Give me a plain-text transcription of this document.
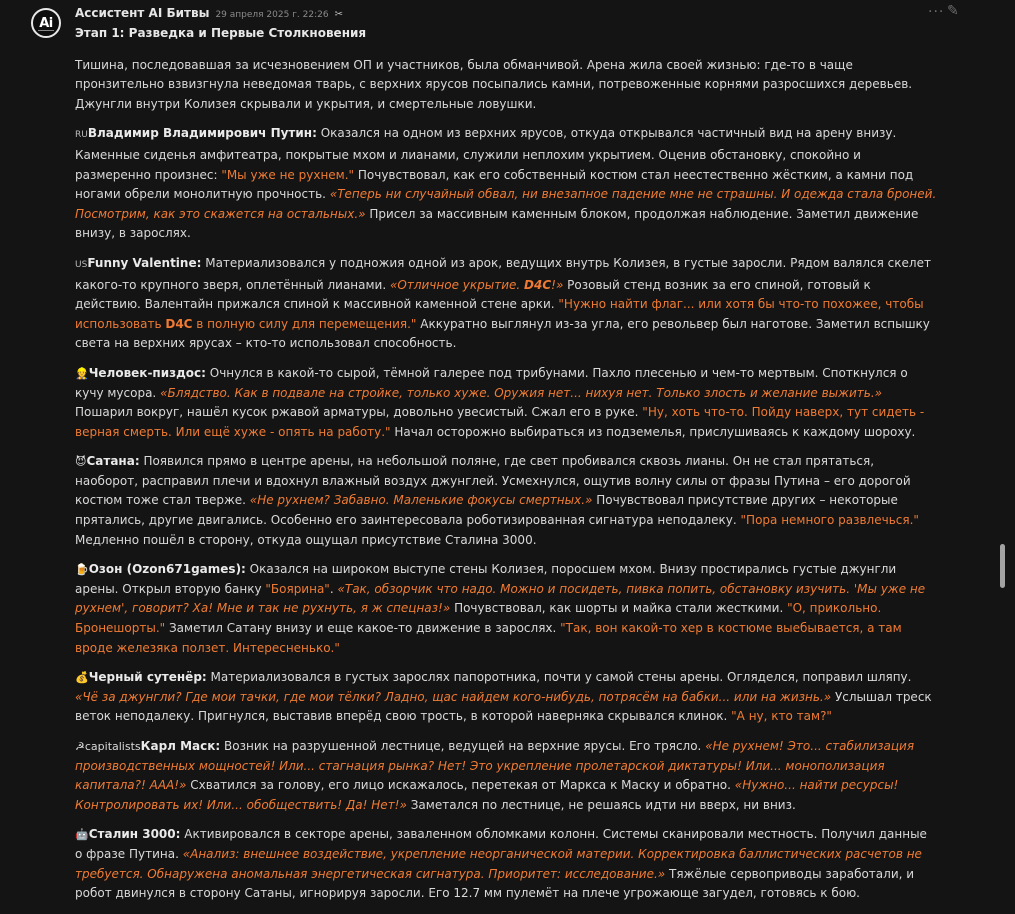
Ai
Ассистент AI Битвы 29 апреля 2025 г. 22:26 ✂	··· ✎
Этап 1: Разведка и Первые Столкновения
Тишина, последовавшая за исчезновением ОП и участников, была обманчивой. Арена жила своей жизнью: где-то в чаще пронзительно взвизгнула неведомая тварь, с верхних ярусов посыпались камни, потревоженные корнями разросшихся деревьев. Джунгли внутри Колизея скрывали и укрытия, и смертельные ловушки.
RUВладимир Владимирович Путин: Оказался на одном из верхних ярусов, откуда открывался частичный вид на арену внизу. Каменные сиденья амфитеатра, покрытые мхом и лианами, служили неплохим укрытием. Оценив обстановку, спокойно и размеренно произнес: "Мы уже не рухнем." Почувствовал, как его собственный костюм стал неестественно жёстким, а камни под ногами обрели монолитную прочность. «Теперь ни случайный обвал, ни внезапное падение мне не страшны. И одежда стала броней. Посмотрим, как это скажется на остальных.» Присел за массивным каменным блоком, продолжая наблюдение. Заметил движение внизу, в зарослях.
USFunny Valentine: Материализовался у подножия одной из арок, ведущих внутрь Колизея, в густые заросли. Рядом валялся скелет какого-то крупного зверя, оплетённый лианами. «Отличное укрытие. D4C!» Розовый стенд возник за его спиной, готовый к действию. Валентайн прижался спиной к массивной каменной стене арки. "Нужно найти флаг... или хотя бы что-то похожее, чтобы использовать D4C в полную силу для перемещения." Аккуратно выглянул из-за угла, его револьвер был наготове. Заметил вспышку света на верхних ярусах – кто-то использовал способность.
👷Человек-пиздос: Очнулся в какой-то сырой, тёмной галерее под трибунами. Пахло плесенью и чем-то мертвым. Споткнулся о кучу мусора. «Блядство. Как в подвале на стройке, только хуже. Оружия нет... нихуя нет. Только злость и желание выжить.» Пошарил вокруг, нашёл кусок ржавой арматуры, довольно увесистый. Сжал его в руке. "Ну, хоть что-то. Пойду наверх, тут сидеть - верная смерть. Или ещё хуже - опять на работу." Начал осторожно выбираться из подземелья, прислушиваясь к каждому шороху.
😈Сатана: Появился прямо в центре арены, на небольшой поляне, где свет пробивался сквозь лианы. Он не стал прятаться, наоборот, расправил плечи и вдохнул влажный воздух джунглей. Усмехнулся, ощутив волну силы от фразы Путина – его дорогой костюм тоже стал тверже. «Не рухнем? Забавно. Маленькие фокусы смертных.» Почувствовал присутствие других – некоторые прятались, другие двигались. Особенно его заинтересовала роботизированная сигнатура неподалеку. "Пора немного развлечься." Медленно пошёл в сторону, откуда ощущал присутствие Сталина 3000.
🍺Озон (Ozon671games): Оказался на широком выступе стены Колизея, поросшем мхом. Внизу простирались густые джунгли арены. Открыл вторую банку "Боярина". «Так, обзорчик что надо. Можно и посидеть, пивка попить, обстановку изучить. 'Мы уже не рухнем', говорит? Ха! Мне и так не рухнуть, я ж спецназ!» Почувствовал, как шорты и майка стали жесткими. "О, прикольно. Бронешорты." Заметил Сатану внизу и еще какое-то движение в зарослях. "Так, вон какой-то хер в костюме выебывается, а там вроде железяка ползет. Интересненько."
💰Черный сутенёр: Материализовался в густых зарослях папоротника, почти у самой стены арены. Огляделся, поправил шляпу. «Чё за джунгли? Где мои тачки, где мои тёлки? Ладно, щас найдем кого-нибудь, потрясём на бабки... или на жизнь.» Услышал треск веток неподалеку. Пригнулся, выставив вперёд свою трость, в которой наверняка скрывался клинок. "А ну, кто там?"
☭capitalistsКарл Маск: Возник на разрушенной лестнице, ведущей на верхние ярусы. Его трясло. «Не рухнем! Это... стабилизация производственных мощностей! Или... стагнация рынка? Нет! Это укрепление пролетарской диктатуры! Или... монополизация капитала?! ААА!» Схватился за голову, его лицо искажалось, перетекая от Маркса к Маску и обратно. «Нужно... найти ресурсы! Контролировать их! Или... обобществить! Да! Нет!» Заметался по лестнице, не решаясь идти ни вверх, ни вниз.
🤖Сталин 3000: Активировался в секторе арены, заваленном обломками колонн. Системы сканировали местность. Получил данные о фразе Путина. «Анализ: внешнее воздействие, укрепление неорганической материи. Корректировка баллистических расчетов не требуется. Обнаружена аномальная энергетическая сигнатура. Приоритет: исследование.» Тяжёлые сервоприводы заработали, и робот двинулся в сторону Сатаны, игнорируя заросли. Его 12.7 мм пулемёт на плече угрожающе загудел, готовясь к бою.
